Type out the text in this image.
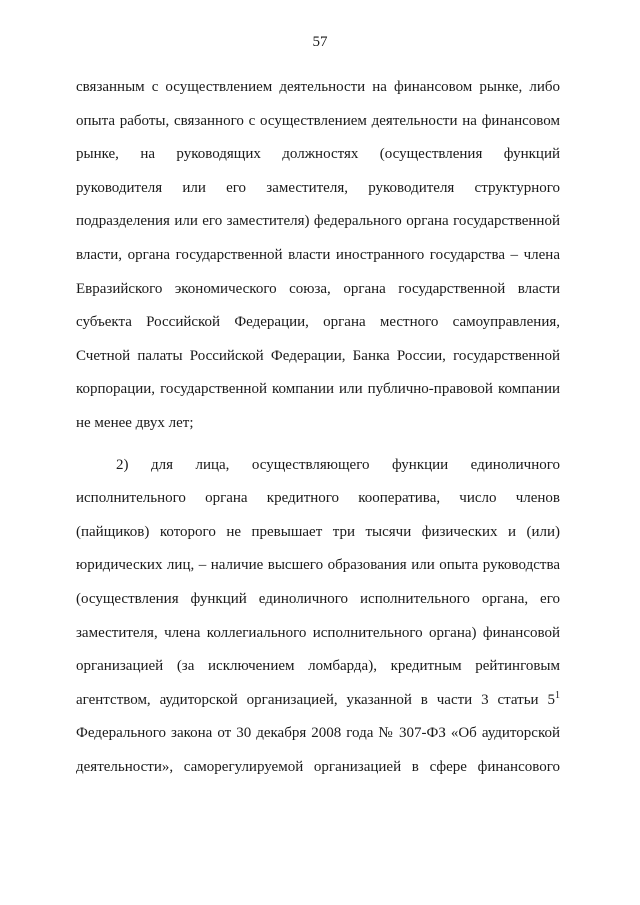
57
связанным с осуществлением деятельности на финансовом рынке, либо
опыта работы, связанного с осуществлением деятельности на финансовом
рынке, на руководящих должностях (осуществления функций
руководителя или его заместителя, руководителя структурного
подразделения или его заместителя) федерального органа государственной
власти, органа государственной власти иностранного государства – члена
Евразийского экономического союза, органа государственной власти
субъекта Российской Федерации, органа местного самоуправления,
Счетной палаты Российской Федерации, Банка России, государственной
корпорации, государственной компании или публично-правовой компании
не менее двух лет;
2) для лица, осуществляющего функции единоличного
исполнительного органа кредитного кооператива, число членов
(пайщиков) которого не превышает три тысячи физических и (или)
юридических лиц, – наличие высшего образования или опыта руководства
(осуществления функций единоличного исполнительного органа, его
заместителя, члена коллегиального исполнительного органа) финансовой
организацией (за исключением ломбарда), кредитным рейтинговым
агентством, аудиторской организацией, указанной в части 3 статьи $5^1$
Федерального закона от 30 декабря 2008 года № 307-ФЗ «Об аудиторской
деятельности», саморегулируемой организацией в сфере финансового
